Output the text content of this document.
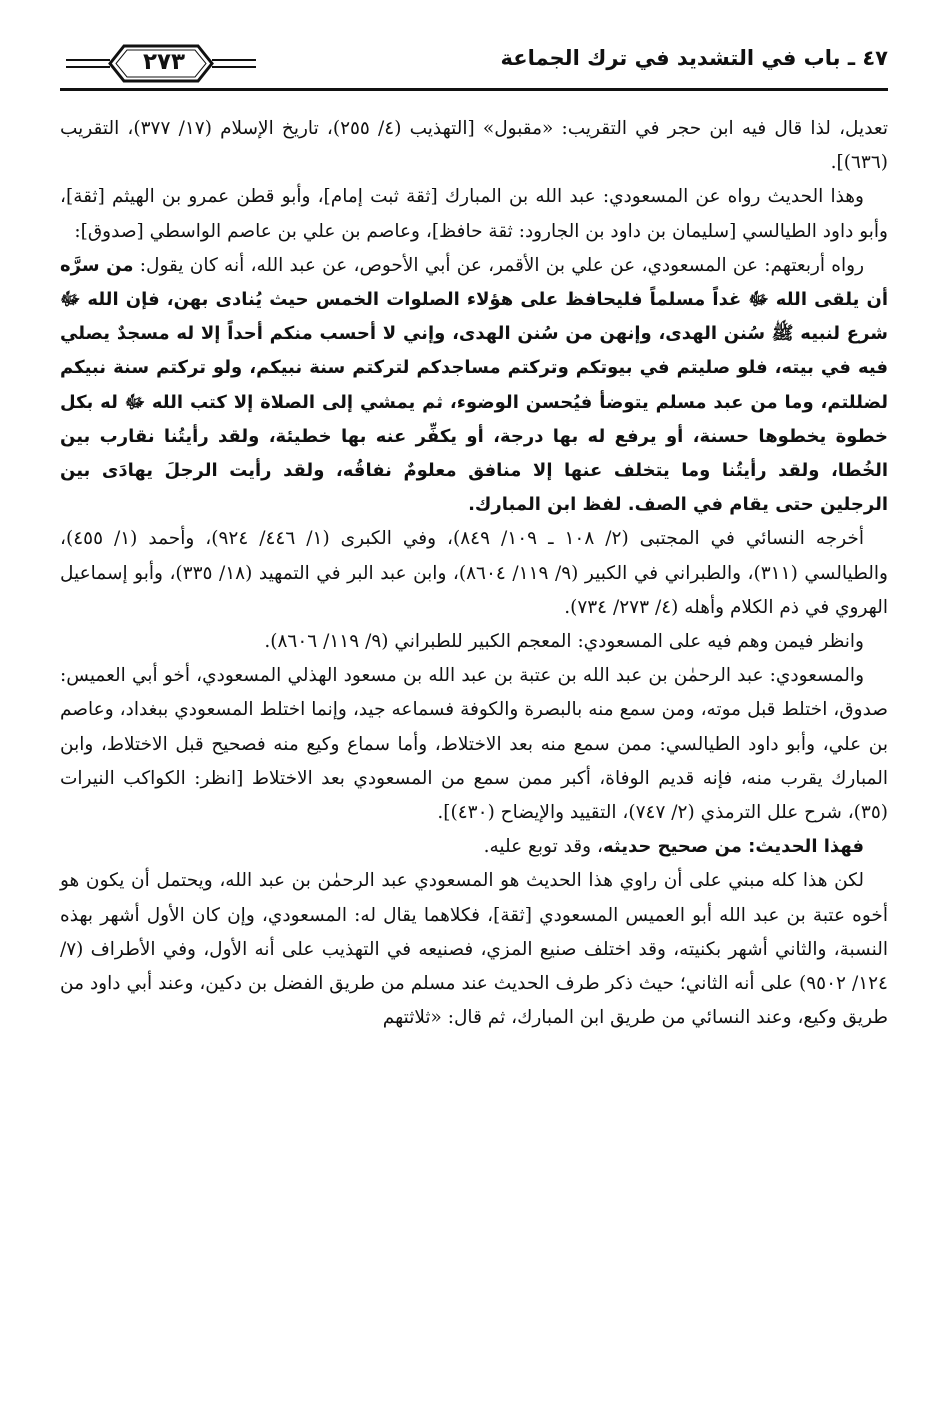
٤٧ ـ باب في التشديد في ترك الجماعة
٢٧٣

تعديل، لذا قال فيه ابن حجر في التقريب: «مقبول» [التهذيب (٤/ ٢٥٥)، تاريخ الإسلام (١٧/ ٣٧٧)، التقريب (٦٣٦)].

وهذا الحديث رواه عن المسعودي: عبد الله بن المبارك [ثقة ثبت إمام]، وأبو قطن عمرو بن الهيثم [ثقة]، وأبو داود الطيالسي [سليمان بن داود بن الجارود: ثقة حافظ]، وعاصم بن علي بن عاصم الواسطي [صدوق]:

رواه أربعتهم: عن المسعودي، عن علي بن الأقمر، عن أبي الأحوص، عن عبد الله، أنه كان يقول: من سرَّه أن يلقى الله ﷻ غداً مسلماً فليحافظ على هؤلاء الصلوات الخمس حيث يُنادى بهن، فإن الله ﷻ شرع لنبيه ﷺ سُنن الهدى، وإنهن من سُنن الهدى، وإني لا أحسب منكم أحداً إلا له مسجدٌ يصلي فيه في بيته، فلو صليتم في بيوتكم وتركتم مساجدكم لتركتم سنة نبيكم، ولو تركتم سنة نبيكم لضللتم، وما من عبد مسلم يتوضأ فيُحسن الوضوء، ثم يمشي إلى الصلاة إلا كتب الله ﷻ له بكل خطوة يخطوها حسنة، أو يرفع له بها درجة، أو يكفِّر عنه بها خطيئة، ولقد رأيتُنا نقارب بين الخُطا، ولقد رأيتُنا وما يتخلف عنها إلا منافق معلومٌ نفاقُه، ولقد رأيت الرجلَ يهادَى بين الرجلين حتى يقام في الصف. لفظ ابن المبارك.

أخرجه النسائي في المجتبى (٢/ ١٠٨ ـ ١٠٩/ ٨٤٩)، وفي الكبرى (١/ ٤٤٦/ ٩٢٤)، وأحمد (١/ ٤٥٥)، والطيالسي (٣١١)، والطبراني في الكبير (٩/ ١١٩/ ٨٦٠٤)، وابن عبد البر في التمهيد (١٨/ ٣٣٥)، وأبو إسماعيل الهروي في ذم الكلام وأهله (٤/ ٢٧٣/ ٧٣٤).

وانظر فيمن وهم فيه على المسعودي: المعجم الكبير للطبراني (٩/ ١١٩/ ٨٦٠٦).

والمسعودي: عبد الرحمٰن بن عبد الله بن عتبة بن عبد الله بن مسعود الهذلي المسعودي، أخو أبي العميس: صدوق، اختلط قبل موته، ومن سمع منه بالبصرة والكوفة فسماعه جيد، وإنما اختلط المسعودي ببغداد، وعاصم بن علي، وأبو داود الطيالسي: ممن سمع منه بعد الاختلاط، وأما سماع وكيع منه فصحيح قبل الاختلاط، وابن المبارك يقرب منه، فإنه قديم الوفاة، أكبر ممن سمع من المسعودي بعد الاختلاط [انظر: الكواكب النيرات (٣٥)، شرح علل الترمذي (٢/ ٧٤٧)، التقييد والإيضاح (٤٣٠)].

فهذا الحديث: من صحيح حديثه، وقد توبع عليه.

لكن هذا كله مبني على أن راوي هذا الحديث هو المسعودي عبد الرحمٰن بن عبد الله، ويحتمل أن يكون هو أخوه عتبة بن عبد الله أبو العميس المسعودي [ثقة]، فكلاهما يقال له: المسعودي، وإن كان الأول أشهر بهذه النسبة، والثاني أشهر بكنيته، وقد اختلف صنيع المزي، فصنيعه في التهذيب على أنه الأول، وفي الأطراف (٧/ ١٢٤/ ٩٥٠٢) على أنه الثاني؛ حيث ذكر طرف الحديث عند مسلم من طريق الفضل بن دكين، وعند أبي داود من طريق وكيع، وعند النسائي من طريق ابن المبارك، ثم قال: «ثلاثتهم
